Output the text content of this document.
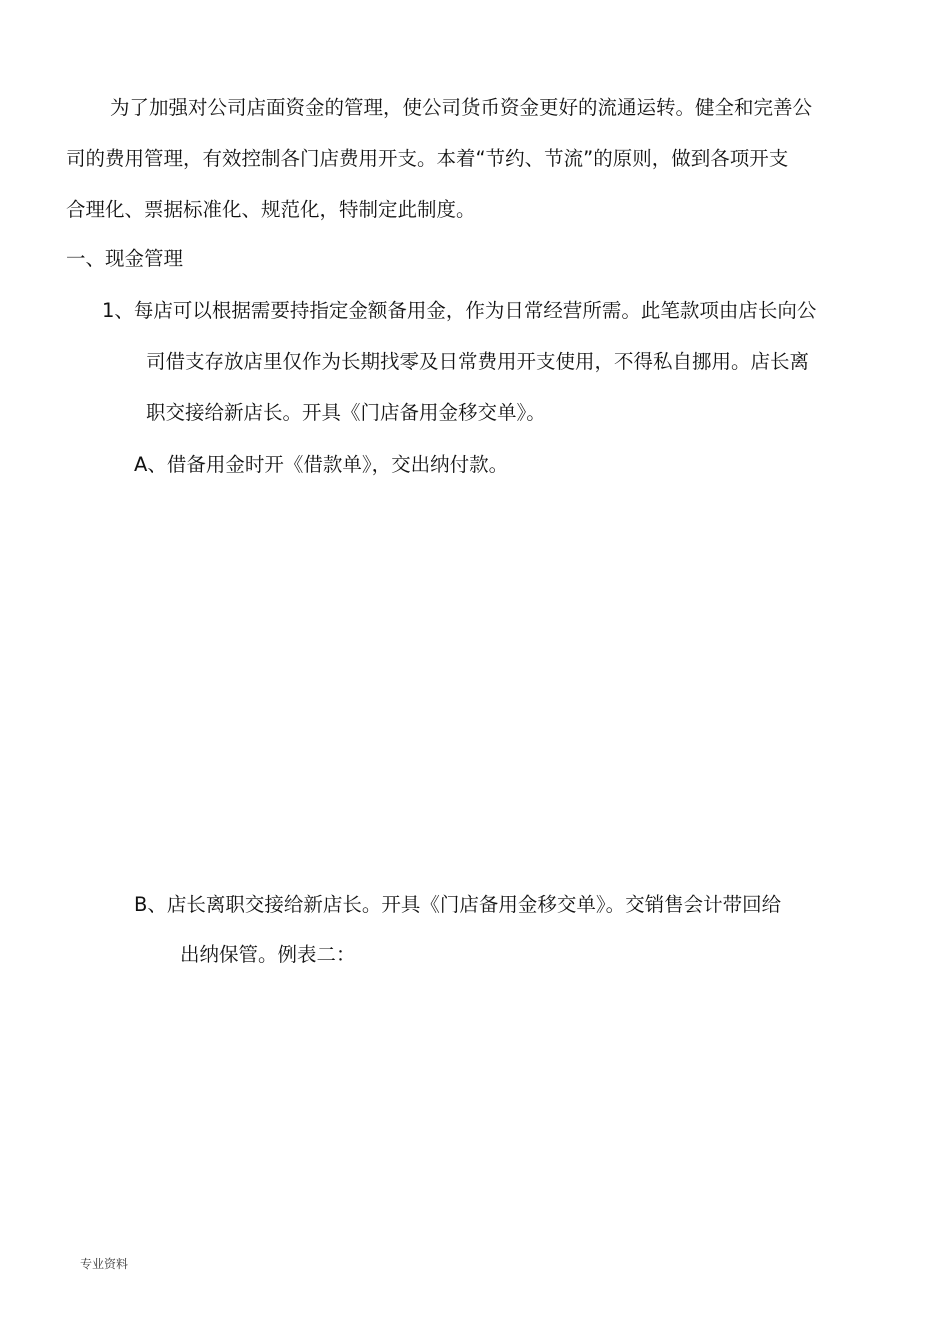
为了加强对公司店面资金的管理，使公司货币资金更好的流通运转。健全和完善公
司的费用管理，有效控制各门店费用开支。本着“节约、节流”的原则，做到各项开支
合理化、票据标准化、规范化，特制定此制度。
一、现金管理
1、每店可以根据需要持指定金额备用金，作为日常经营所需。此笔款项由店长向公
司借支存放店里仅作为长期找零及日常费用开支使用，不得私自挪用。店长离
职交接给新店长。开具《门店备用金移交单》。
A、借备用金时开《借款单》，交出纳付款。
B、店长离职交接给新店长。开具《门店备用金移交单》。交销售会计带回给
出纳保管。例表二：
专业资料
